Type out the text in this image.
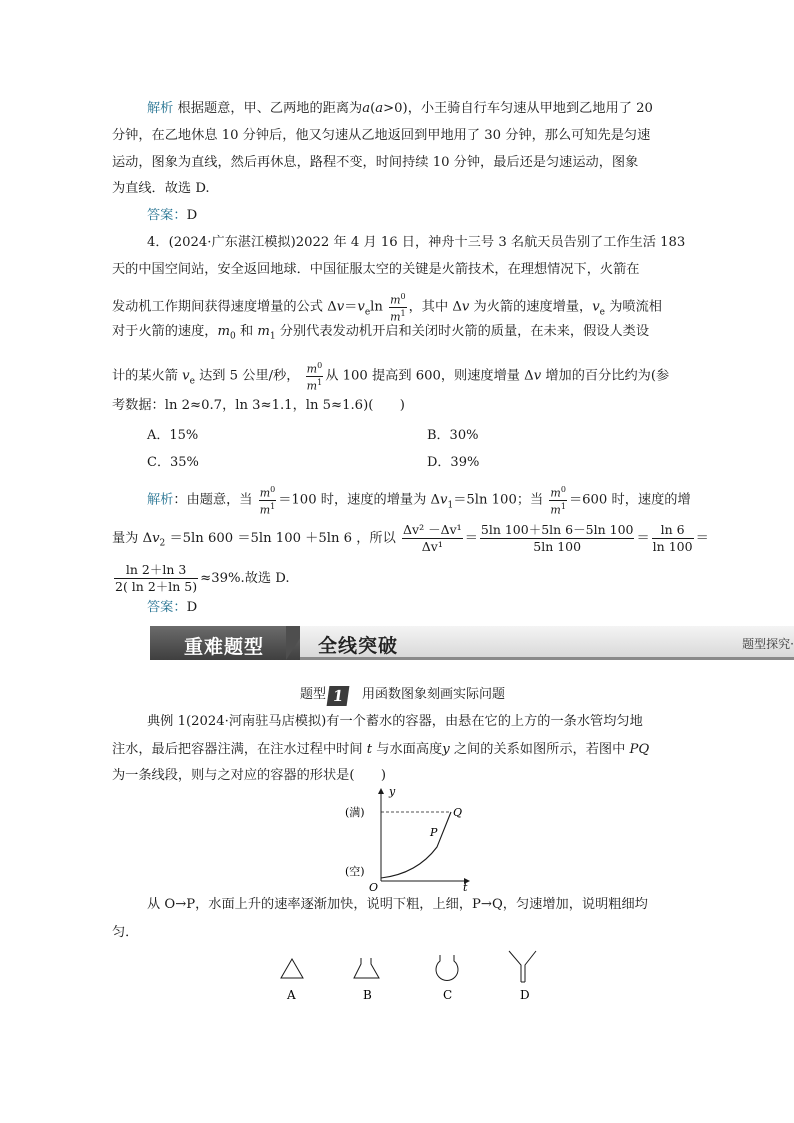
解析 根据题意，甲、乙两地的距离为a(a>0)，小王骑自行车匀速从甲地到乙地用了 20
分钟，在乙地休息 10 分钟后，他又匀速从乙地返回到甲地用了 30 分钟，那么可知先是匀速
运动，图象为直线，然后再休息，路程不变，时间持续 10 分钟，最后还是匀速运动，图象
为直线．故选 D.
答案：D
4．(2024·广东湛江模拟)2022 年 4 月 16 日，神舟十三号 3 名航天员告别了工作生活 183
天的中国空间站，安全返回地球．中国征服太空的关键是火箭技术，在理想情况下，火箭在
发动机工作期间获得速度增量的公式 $\Delta v=v_e\ln \frac{m^0}{m^1}$ ，其中 Δv 为火箭的速度增量，$v_e$ 为喷流相
对于火箭的速度，$m_0$ 和 $m_1$ 分别代表发动机开启和关闭时火箭的质量，在未来，假设人类设
计的某火箭 $v_e$ 达到 5 公里/秒， $\frac{m^0}{m^1}$ 从 100 提高到 600，则速度增量 Δv 增加的百分比约为(参
考数据：ln 2≈0.7，ln 3≈1.1，ln 5≈1.6)(　　)
A．15%	B．30%
C．35%	D．39%
解析：由题意，当 $\frac{m^0}{m^1} =100$ 时，速度的增量为 $\Delta v_1=5\ln$ 100；当 $\frac{m^0}{m^1} =600$ 时，速度的增
量为 $\Delta v_2 =5\ln$ 600 ＝5ln 100 ＋5ln 6 ，所以 $\frac{\text{Δv² －Δv¹}}{\text{Δv¹}} = \frac{5\ln 100+5\ln 6-5\ln 100}{5\ln 100} = \frac{\ln 6}{\ln 100}$ ＝
$\frac{\ln 2+\ln 3}{2( \ln 2+\ln 5)} \approx 39\%$.故选 D.
答案：D
重难题型	全线突破	题型探究·
题型 1 用函数图象刻画实际问题
典例 1(2024·河南驻马店模拟)有一个蓄水的容器，由悬在它的上方的一条水管均匀地
注水，最后把容器注满，在注水过程中时间 t 与水面高度y 之间的关系如图所示，若图中 PQ
为一条线段，则与之对应的容器的形状是(　　)
y
t
(满)
(空)
O
P
Q
从 O→P，水面上升的速率逐渐加快，说明下粗，上细，P→Q，匀速增加，说明粗细均
匀．
A	B	C	D
